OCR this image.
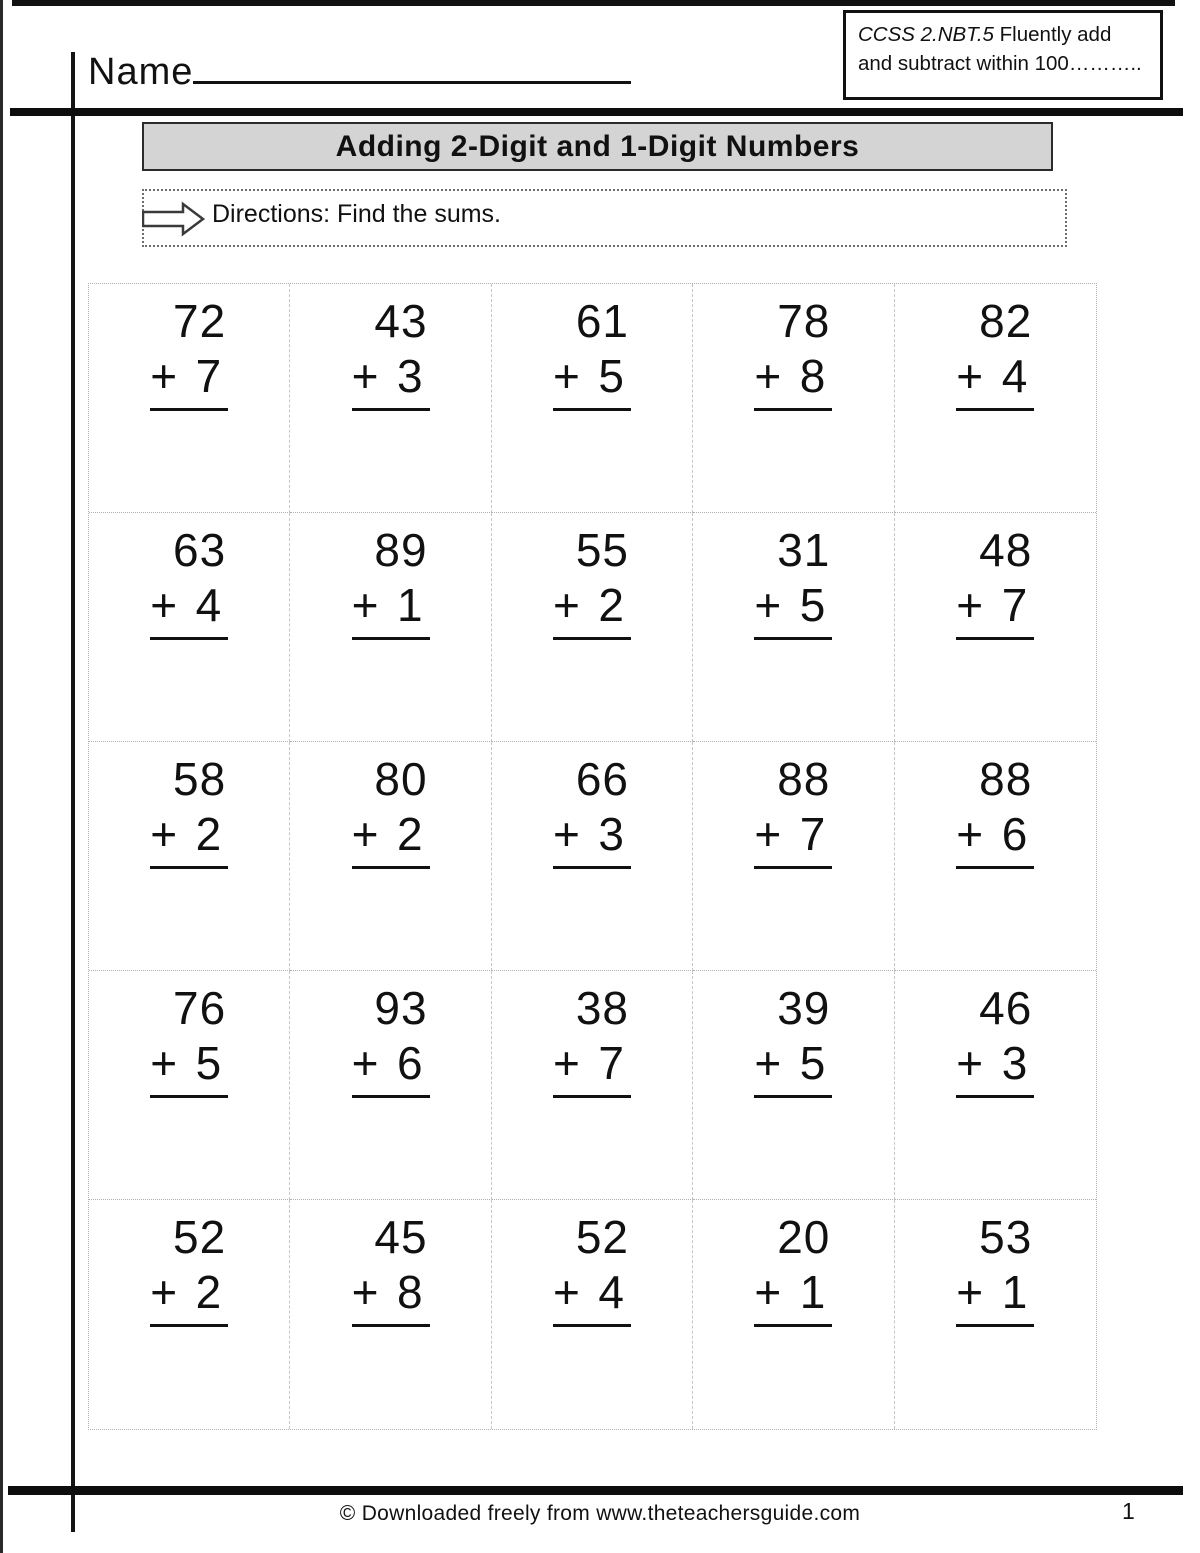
Name
CCSS 2.NBT.5 Fluently add and subtract within 100………..
Adding 2-Digit and 1-Digit Numbers
Directions: Find the sums.
72
+ 7
43
+ 3
61
+ 5
78
+ 8
82
+ 4
63
+ 4
89
+ 1
55
+ 2
31
+ 5
48
+ 7
58
+ 2
80
+ 2
66
+ 3
88
+ 7
88
+ 6
76
+ 5
93
+ 6
38
+ 7
39
+ 5
46
+ 3
52
+ 2
45
+ 8
52
+ 4
20
+ 1
53
+ 1
© Downloaded freely from www.theteachersguide.com	1
